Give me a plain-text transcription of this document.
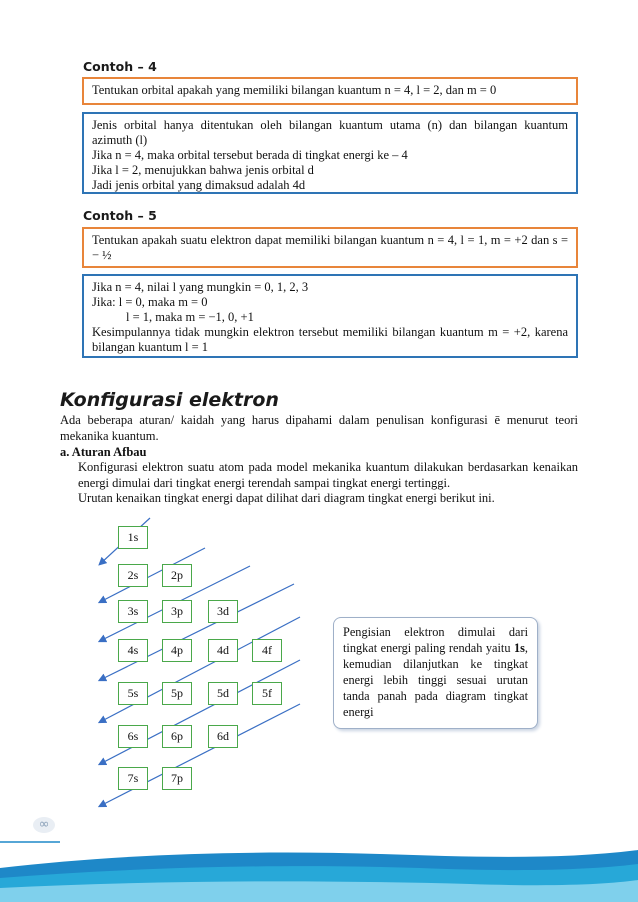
Contoh – 4
Tentukan orbital apakah yang memiliki bilangan kuantum n = 4, l = 2, dan m = 0
Jenis orbital hanya ditentukan oleh bilangan kuantum utama (n) dan bilangan kuantum azimuth (l)
Jika n = 4, maka orbital tersebut berada di tingkat energi ke – 4
Jika l = 2, menujukkan bahwa jenis orbital d
Jadi jenis orbital yang dimaksud adalah 4d
Contoh – 5
Tentukan apakah suatu elektron dapat memiliki bilangan kuantum n = 4, l = 1, m = +2 dan s = − ½
Jika n = 4, nilai l yang mungkin = 0, 1, 2, 3
Jika: l = 0, maka m = 0
l = 1, maka m = −1, 0, +1
Kesimpulannya tidak mungkin elektron tersebut memiliki bilangan kuantum m = +2, karena bilangan kuantum l = 1
Konfigurasi elektron
Ada beberapa aturan/ kaidah yang harus dipahami dalam penulisan konfigurasi ē menurut teori mekanika kuantum.
a. Aturan Afbau
Konfigurasi elektron suatu atom pada model mekanika kuantum dilakukan berdasarkan kenaikan energi dimulai dari tingkat energi terendah sampai tingkat energi tertinggi.
Urutan kenaikan tingkat energi dapat dilihat dari diagram tingkat energi berikut ini.
1s
2s	2p
3s	3p	3d
4s	4p	4d	4f
5s	5p	5d	5f
6s	6p	6d
7s	7p
Pengisian elektron dimulai dari tingkat energi paling rendah yaitu 1s, kemudian dilanjutkan ke tingkat energi lebih tinggi sesuai urutan tanda panah pada diagram tingkat energi
∞
